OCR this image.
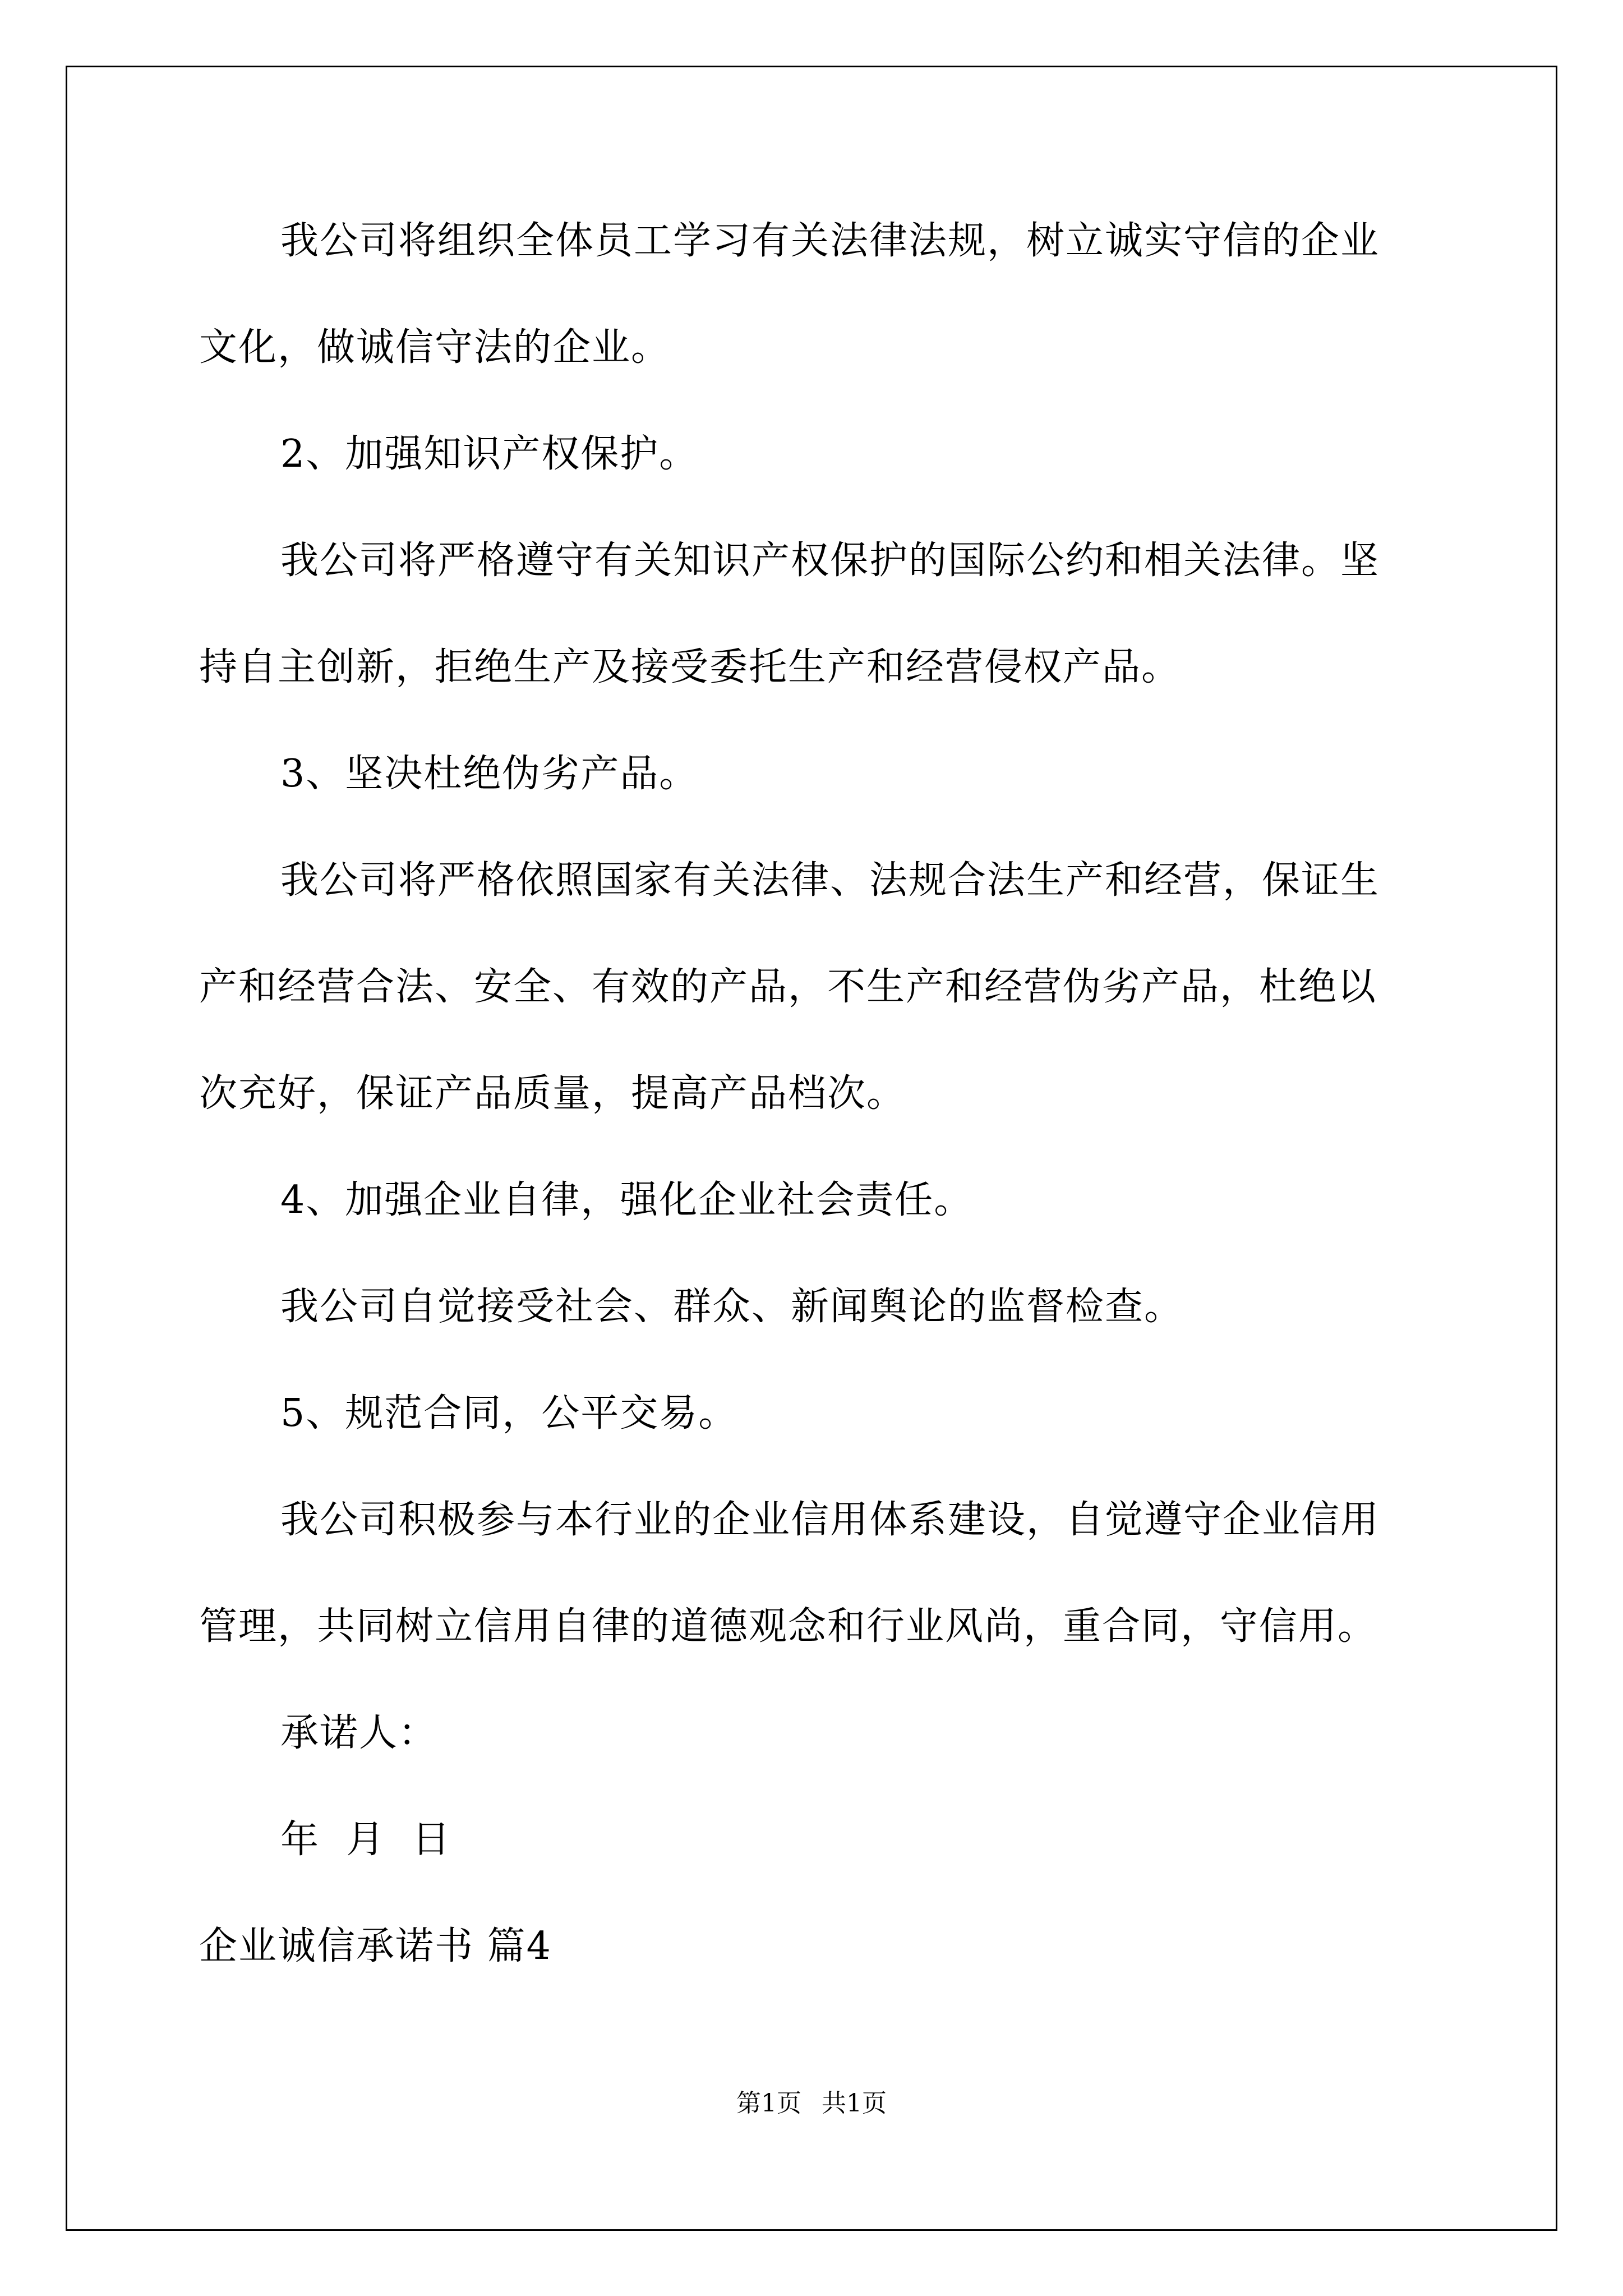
我公司将组织全体员工学习有关法律法规，树立诚实守信的企业
文化，做诚信守法的企业。
2、加强知识产权保护。
我公司将严格遵守有关知识产权保护的国际公约和相关法律。坚
持自主创新，拒绝生产及接受委托生产和经营侵权产品。
3、坚决杜绝伪劣产品。
我公司将严格依照国家有关法律、法规合法生产和经营，保证生
产和经营合法、安全、有效的产品，不生产和经营伪劣产品，杜绝以
次充好，保证产品质量，提高产品档次。
4、加强企业自律，强化企业社会责任。
我公司自觉接受社会、群众、新闻舆论的监督检查。
5、规范合同，公平交易。
我公司积极参与本行业的企业信用体系建设，自觉遵守企业信用
管理，共同树立信用自律的道德观念和行业风尚，重合同，守信用。
承诺人：
年  月  日
企业诚信承诺书 篇4
第1页 共1页
